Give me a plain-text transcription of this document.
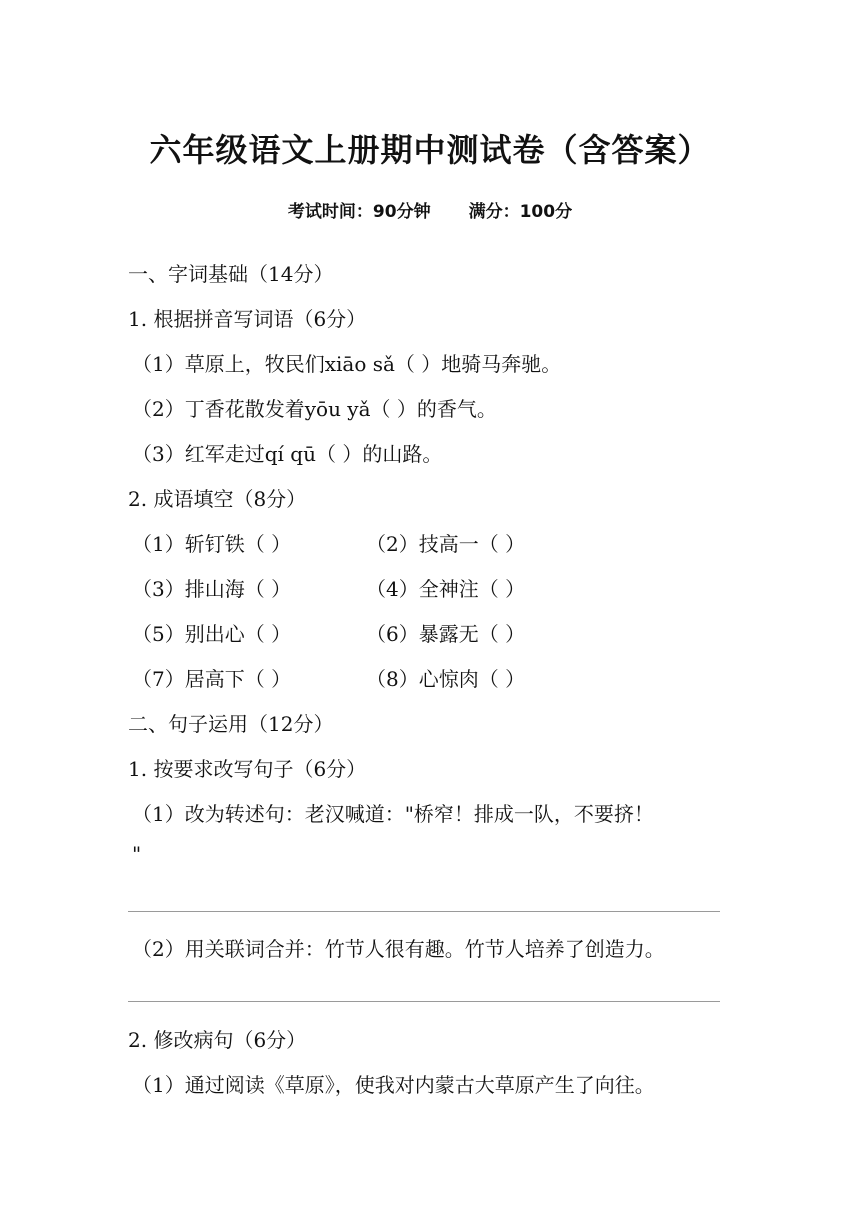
六年级语文上册期中测试卷（含答案）
考试时间：90分钟 满分：100分
一、字词基础（14分）
1. 根据拼音写词语（6分）
（1）草原上，牧民们xiāo sǎ（ ）地骑马奔驰。
（2）丁香花散发着yōu yǎ（ ）的香气。
（3）红军走过qí qū（ ）的山路。
2. 成语填空（8分）
（1）斩钉铁（ ）	（2）技高一（ ）
（3）排山海（ ）	（4）全神注（ ）
（5）别出心（ ）	（6）暴露无（ ）
（7）居高下（ ）	（8）心惊肉（ ）
二、句子运用（12分）
1. 按要求改写句子（6分）
（1）改为转述句：老汉喊道："桥窄！排成一队，不要挤！
"
（2）用关联词合并：竹节人很有趣。竹节人培养了创造力。
2. 修改病句（6分）
（1）通过阅读《草原》，使我对内蒙古大草原产生了向往。
